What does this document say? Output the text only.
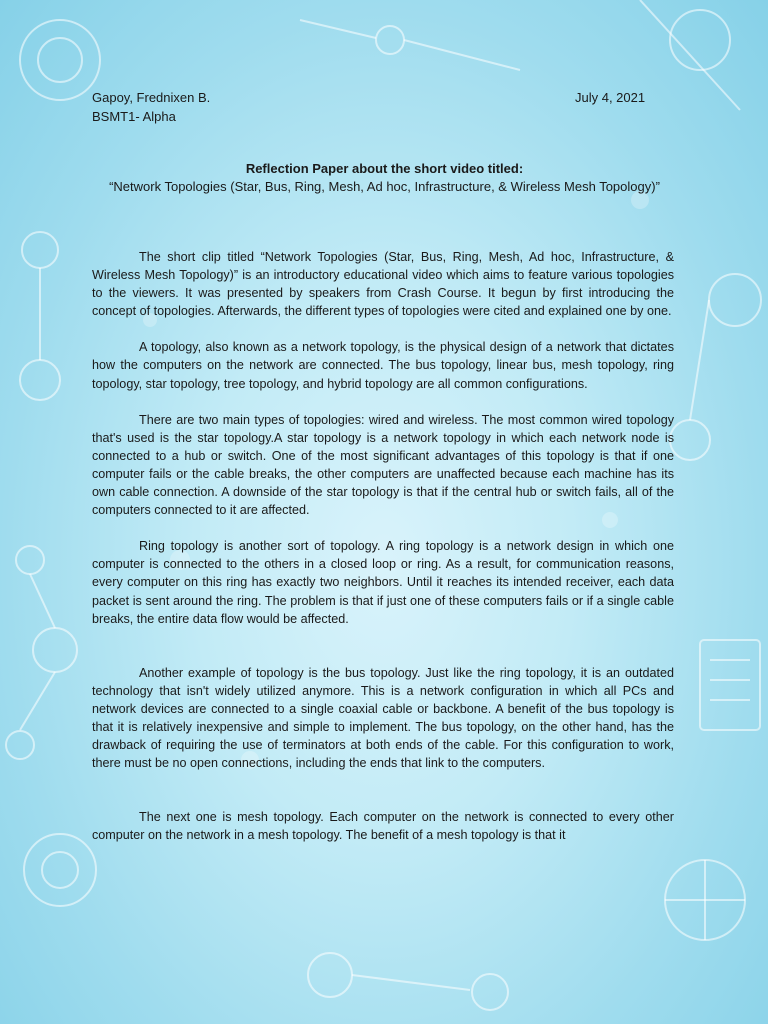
Gapoy, Frednixen B.
BSMT1- Alpha
July 4, 2021
Reflection Paper about the short video titled:
“Network Topologies (Star, Bus, Ring, Mesh, Ad hoc, Infrastructure, & Wireless Mesh Topology)”

The short clip titled “Network Topologies (Star, Bus, Ring, Mesh, Ad hoc, Infrastructure, & Wireless Mesh Topology)” is an introductory educational video which aims to feature various topologies to the viewers. It was presented by speakers from Crash Course. It begun by first introducing the concept of topologies. Afterwards, the different types of topologies were cited and explained one by one.

A topology, also known as a network topology, is the physical design of a network that dictates how the computers on the network are connected. The bus topology, linear bus, mesh topology, ring topology, star topology, tree topology, and hybrid topology are all common configurations.

There are two main types of topologies: wired and wireless. The most common wired topology that's used is the star topology.A star topology is a network topology in which each network node is connected to a hub or switch. One of the most significant advantages of this topology is that if one computer fails or the cable breaks, the other computers are unaffected because each machine has its own cable connection. A downside of the star topology is that if the central hub or switch fails, all of the computers connected to it are affected.

Ring topology is another sort of topology. A ring topology is a network design in which one computer is connected to the others in a closed loop or ring. As a result, for communication reasons, every computer on this ring has exactly two neighbors. Until it reaches its intended receiver, each data packet is sent around the ring. The problem is that if just one of these computers fails or if a single cable breaks, the entire data flow would be affected.

Another example of topology is the bus topology. Just like the ring topology, it is an outdated technology that isn't widely utilized anymore. This is a network configuration in which all PCs and network devices are connected to a single coaxial cable or backbone. A benefit of the bus topology is that it is relatively inexpensive and simple to implement. The bus topology, on the other hand, has the drawback of requiring the use of terminators at both ends of the cable. For this configuration to work, there must be no open connections, including the ends that link to the computers.

The next one is mesh topology. Each computer on the network is connected to every other computer on the network in a mesh topology. The benefit of a mesh topology is that it
